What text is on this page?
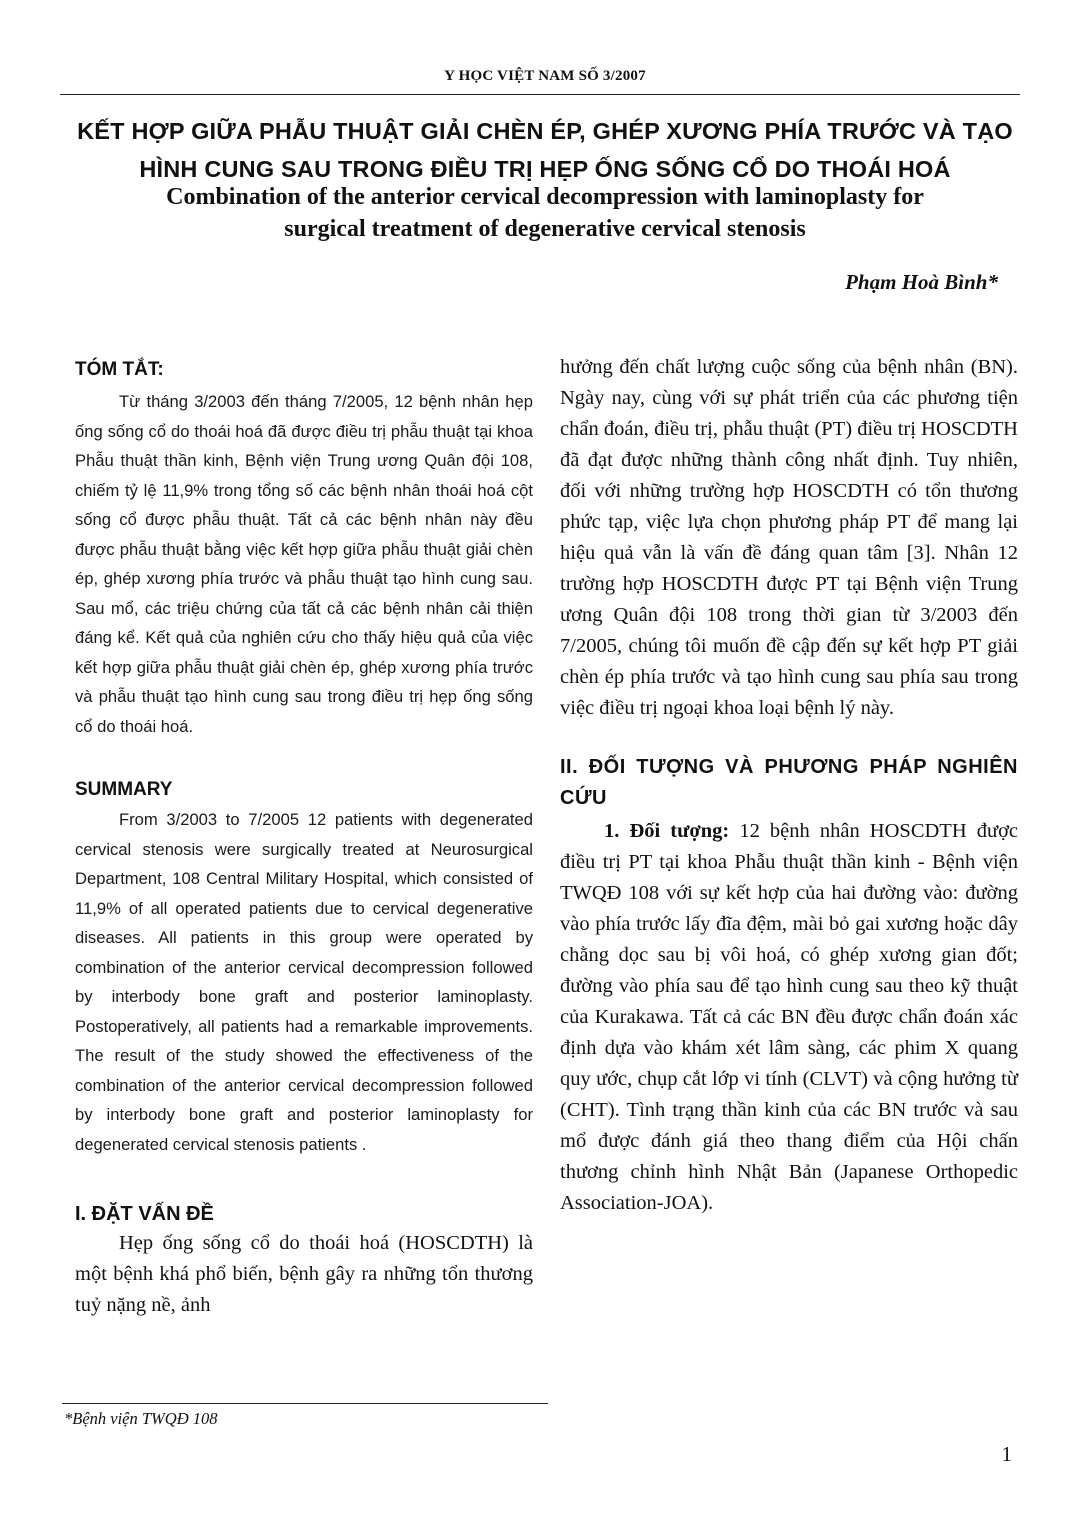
Y HỌC VIỆT NAM SỐ 3/2007
KẾT HỢP GIỮA PHẪU THUẬT GIẢI CHÈN ÉP, GHÉP XƯƠNG PHÍA TRƯỚC VÀ TẠO
HÌNH CUNG SAU TRONG ĐIỀU TRỊ HẸP ỐNG SỐNG CỔ DO THOÁI HOÁ
Combination of the anterior cervical decompression with laminoplasty for
surgical treatment of degenerative cervical stenosis
Phạm Hoà Bình*
TÓM TẮT:

Từ tháng 3/2003 đến tháng 7/2005, 12 bệnh nhân hẹp ống sống cổ do thoái hoá đã được điều trị phẫu thuật tại khoa Phẫu thuật thần kinh, Bệnh viện Trung ương Quân đội 108, chiếm tỷ lệ 11,9% trong tổng số các bệnh nhân thoái hoá cột sống cổ được phẫu thuật. Tất cả các bệnh nhân này đều được phẫu thuật bằng việc kết hợp giữa phẫu thuật giải chèn ép, ghép xương phía trước và phẫu thuật tạo hình cung sau. Sau mổ, các triệu chứng của tất cả các bệnh nhân cải thiện đáng kể. Kết quả của nghiên cứu cho thấy hiệu quả của việc kết hợp giữa phẫu thuật giải chèn ép, ghép xương phía trước và phẫu thuật tạo hình cung sau trong điều trị hẹp ống sống cổ do thoái hoá.

SUMMARY

From 3/2003 to 7/2005 12 patients with degenerated cervical stenosis were surgically treated at Neurosurgical Department, 108 Central Military Hospital, which consisted of 11,9% of all operated patients due to cervical degenerative diseases. All patients in this group were operated by combination of the anterior cervical decompression followed by interbody bone graft and posterior laminoplasty. Postoperatively, all patients had a remarkable improvements. The result of the study showed the effectiveness of the combination of the anterior cervical decompression followed by interbody bone graft and posterior laminoplasty for degenerated cervical stenosis patients .

I. ĐẶT VẤN ĐỀ

Hẹp ống sống cổ do thoái hoá (HOSCDTH) là một bệnh khá phổ biến, bệnh gây ra những tổn thương tuỷ nặng nề, ảnh

hưởng đến chất lượng cuộc sống của bệnh nhân (BN). Ngày nay, cùng với sự phát triển của các phương tiện chẩn đoán, điều trị, phẫu thuật (PT) điều trị HOSCDTH đã đạt được những thành công nhất định. Tuy nhiên, đối với những trường hợp HOSCDTH có tổn thương phức tạp, việc lựa chọn phương pháp PT để mang lại hiệu quả vẫn là vấn đề đáng quan tâm [3]. Nhân 12 trường hợp HOSCDTH được PT tại Bệnh viện Trung ương Quân đội 108 trong thời gian từ 3/2003 đến 7/2005, chúng tôi muốn đề cập đến sự kết hợp PT giải chèn ép phía trước và tạo hình cung sau phía sau trong việc điều trị ngoại khoa loại bệnh lý này.

II. ĐỐI TƯỢNG VÀ PHƯƠNG PHÁP NGHIÊN CỨU

1. Đối tượng: 12 bệnh nhân HOSCDTH được điều trị PT tại khoa Phẫu thuật thần kinh - Bệnh viện TWQĐ 108 với sự kết hợp của hai đường vào: đường vào phía trước lấy đĩa đệm, mài bỏ gai xương hoặc dây chằng dọc sau bị vôi hoá, có ghép xương gian đốt; đường vào phía sau để tạo hình cung sau theo kỹ thuật của Kurakawa. Tất cả các BN đều được chẩn đoán xác định dựa vào khám xét lâm sàng, các phim X quang quy ước, chụp cắt lớp vi tính (CLVT) và cộng hưởng từ (CHT). Tình trạng thần kinh của các BN trước và sau mổ được đánh giá theo thang điểm của Hội chấn thương chỉnh hình Nhật Bản (Japanese Orthopedic Association-JOA).

*Bệnh viện TWQĐ 108
1
